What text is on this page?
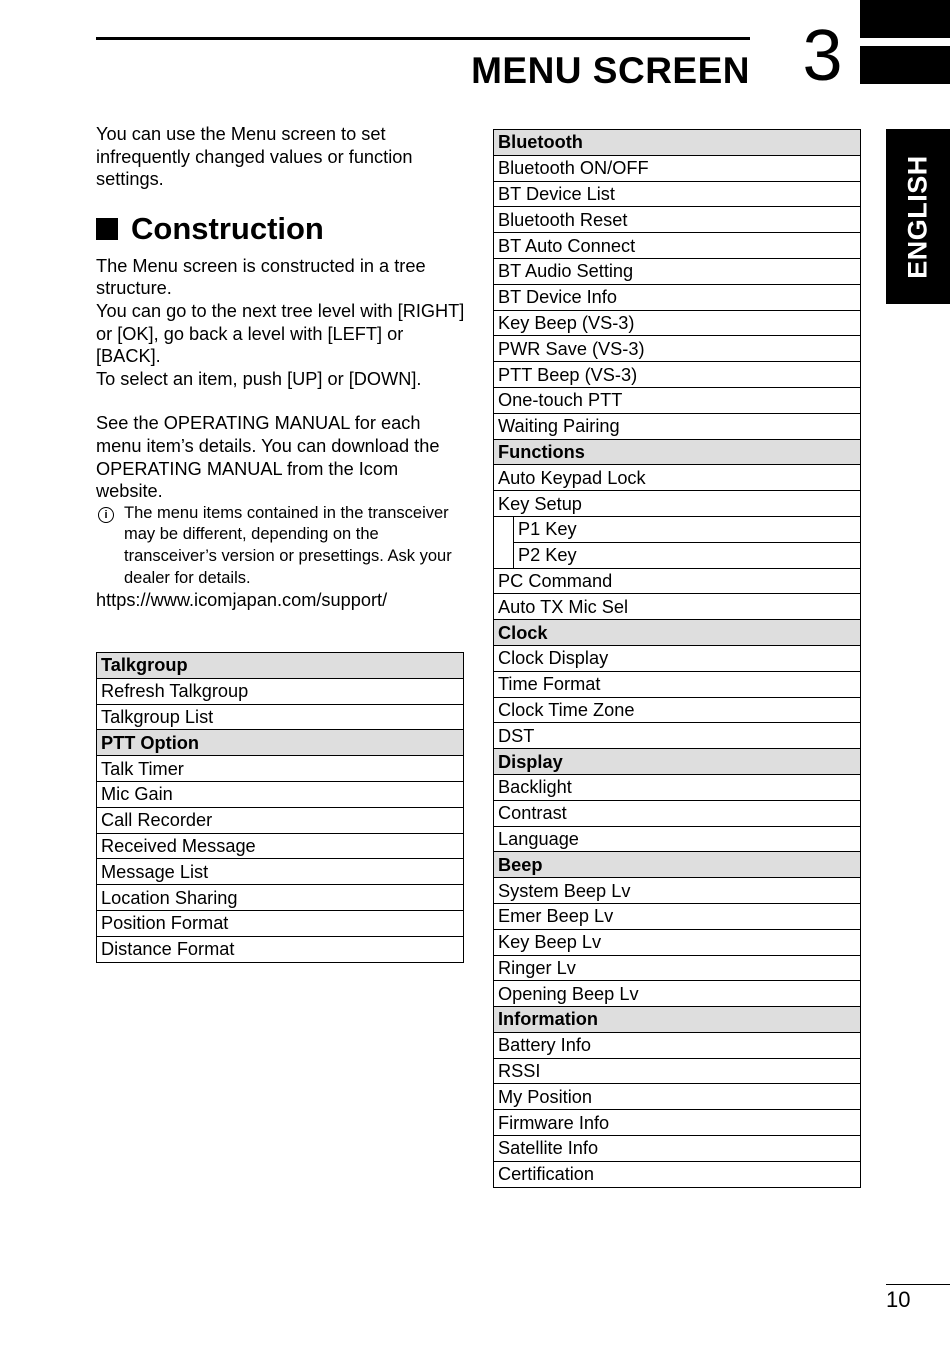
MENU SCREEN 3
ENGLISH

You can use the Menu screen to set infrequently changed values or function settings.

Construction

The Menu screen is constructed in a tree structure.

You can go to the next tree level with [RIGHT] or [OK], go back a level with [LEFT] or [BACK].

To select an item, push [UP] or [DOWN].

See the OPERATING MANUAL for each menu item’s details. You can download the OPERATING MANUAL from the Icom website.

i The menu items contained in the transceiver may be different, depending on the transceiver’s version or presettings. Ask your dealer for details.

https://www.icomjapan.com/support/

Talkgroup
Refresh Talkgroup
Talkgroup List
PTT Option
Talk Timer
Mic Gain
Call Recorder
Received Message
Message List
Location Sharing
Position Format
Distance Format
Bluetooth	
Bluetooth ON/OFF	
BT Device List	
Bluetooth Reset	
BT Auto Connect	
BT Audio Setting	
BT Device Info	
Key Beep (VS-3)	
PWR Save (VS-3)	
PTT Beep (VS-3)	
One-touch PTT	
Waiting Pairing	
Functions	
Auto Keypad Lock	
Key Setup	
	P1 Key
	P2 Key
PC Command	
Auto TX Mic Sel	
Clock	
Clock Display	
Time Format	
Clock Time Zone	
DST	
Display	
Backlight	
Contrast	
Language	
Beep	
System Beep Lv	
Emer Beep Lv	
Key Beep Lv	
Ringer Lv	
Opening Beep Lv	
Information	
Battery Info	
RSSI	
My Position	
Firmware Info	
Satellite Info	
Certification	
10
